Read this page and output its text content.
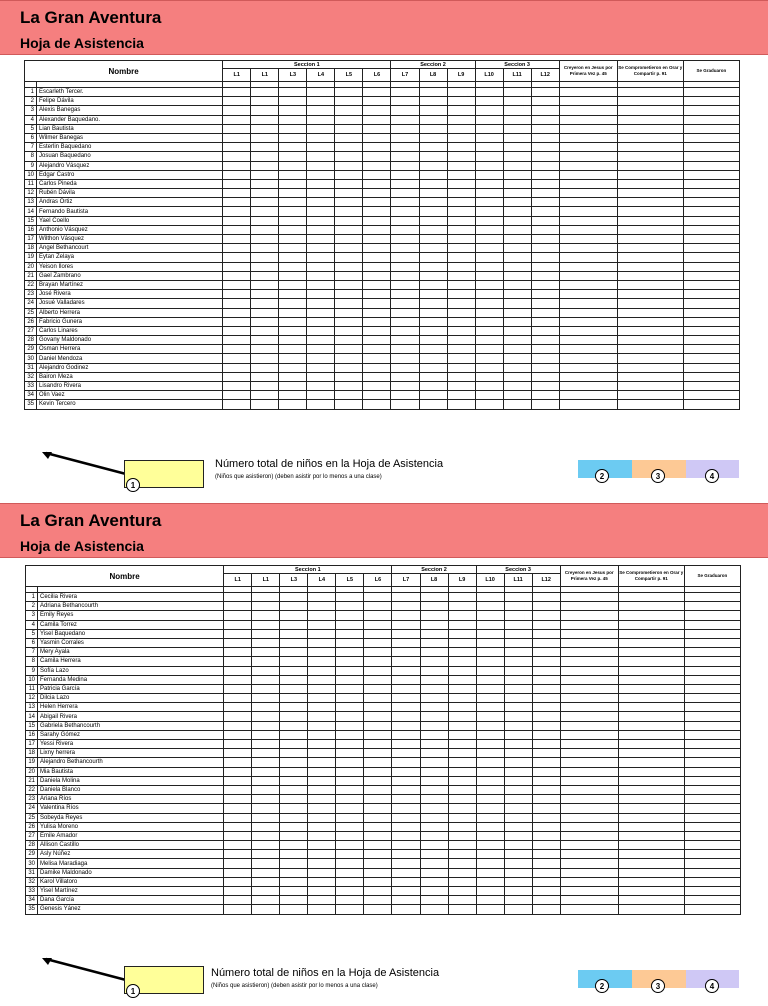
La Gran Aventura
Hoja de Asistencia
Nombre		Seccion 1						Seccion 2			Seccion 3			Creyeron en Jesus por Primera Vez p. 45	Se Comprometieron en Orar y Compartir p. 91	Se Graduaron
		L1	L1	L3	L4	L5	L6	L7	L8	L9	L10	L11	L12			

1	Escarleth Tercer.															
2	Felipe Dávila															
3	Alexis Banegas															
4	Alexander Baquedano.															
5	Lian Bautista															
6	Wilmer Banegas															
7	Esterlin Baquedano															
8	Josuan Baquedano															
9	Alejandro Vásquez															
10	Edgar Castro															
11	Carlos Pineda															
12	Rubén Dávila															
13	Andras Ortiz															
14	Fernando Bautista															
15	Yael Coello															
16	Anthonio Vásquez															
17	Wilthon Vásquez															
18	Angel Bethancourt															
19	Eytan Zelaya															
20	Yeison Ilores															
21	Gael Zambrano															
22	Brayan Martínez															
23	José Rivera															
24	Josué Valladares															
25	Alberto Herrera															
26	Fabricio Gunera															
27	Carlos Linares															
28	Govany Maldonado															
29	Osman Herrera															
30	Daniel Mendoza															
31	Alejandro Godinez															
32	Bairon Meza															
33	Lisandro Rivera															
34	Olin Vaez															
35	Kevin Tercero															
1
Número total de niños en la Hoja de Asistencia
(Niños que asistieron) (deben asistir por lo menos a una clase)	2	3	4
La Gran Aventura
Hoja de Asistencia
Nombre		Seccion 1						Seccion 2			Seccion 3			Creyeron en Jesus por Primera Vez p. 45	Se Comprometieron en Orar y Compartir p. 91	Se Graduaron
		L1	L1	L3	L4	L5	L6	L7	L8	L9	L10	L11	L12			

1	Cecilia Rivera															
2	Adriana Bethancourth															
3	Emily Reyes															
4	Camila Torrez															
5	Yisel Baquedano															
6	Yasmin Corrales															
7	Mery Ayala															
8	Camila Herrera															
9	Sofía Lazo															
10	Fernanda Medina															
11	Patricia García															
12	Dilcia Lazo															
13	Helen Herrera															
14	Abigail Rivera															
15	Gabriela Bethancourth															
16	Sarahy Gómez															
17	Yessi Rivera															
18	Lixny herrera															
19	Alejandro Bethancourth															
20	Mia Bautista															
21	Daniela Molina															
22	Daniela Blanco															
23	Ariana Ríos															
24	Valentina Ríos															
25	Sobeyda Reyes															
26	Yulisa Moreno															
27	Emile Amador															
28	Allison Castillo															
29	Asly Núñez															
30	Melisa Maradiaga															
31	Damike Maldonado															
32	Karol Villatoro															
33	Yisel Martínez															
34	Dana García															
35	Genesis Yánez															
1
Número total de niños en la Hoja de Asistencia
(Niños que asistieron) (deben asistir por lo menos a una clase)	2	3	4
